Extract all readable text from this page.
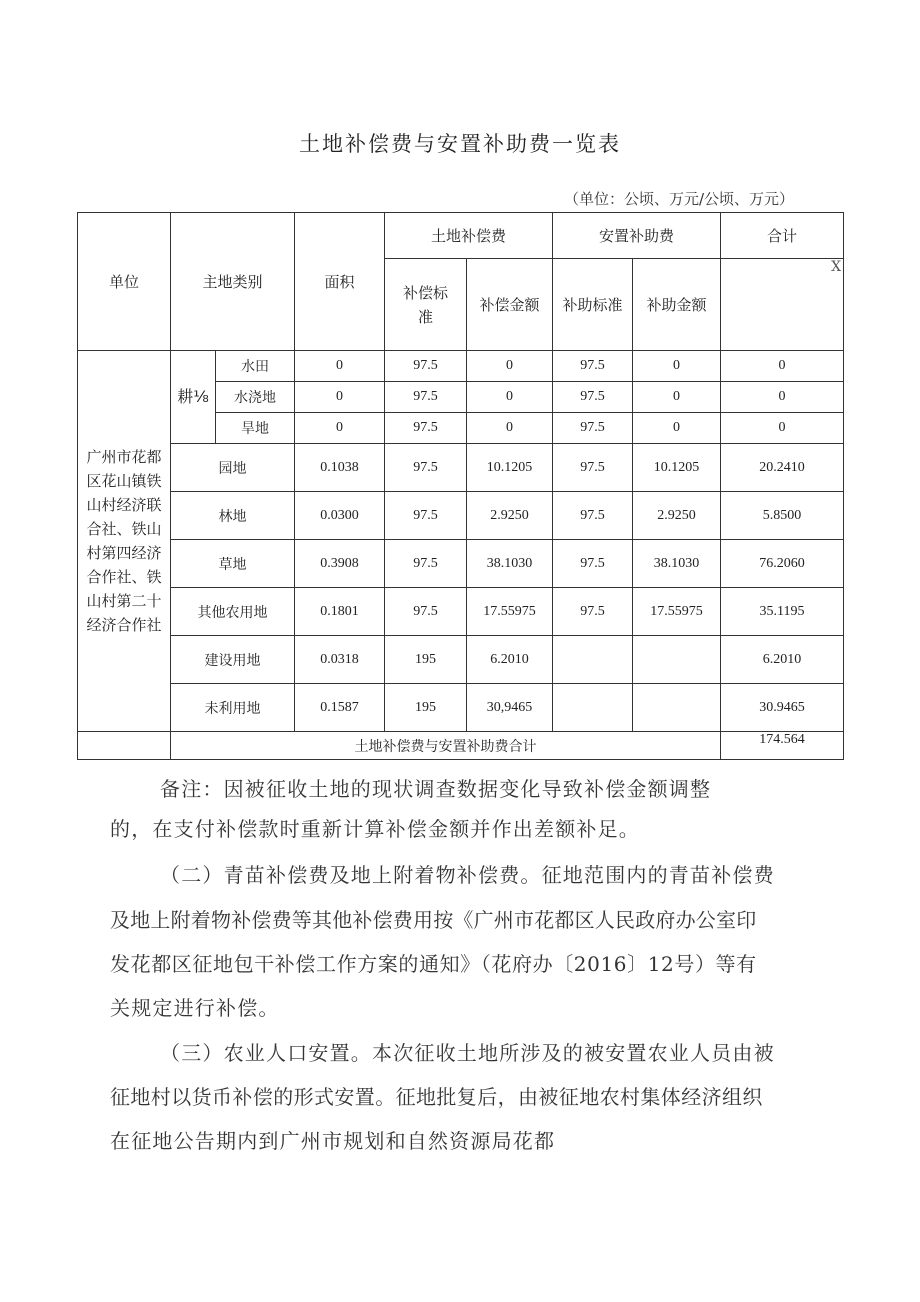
土地补偿费与安置补助费一览表
（单位：公顷、万元/公顷、万元）
单位	主地类别		面积	土地补偿费		安置补助费		合计
				补偿标准	补偿金额	补助标准	补助金额	X

广州市花都区花山镇铁山村经济联合社、铁山村第四经济合作社、铁山村第二十经济合作社	耕⅛	水田	0	97.5	0	97.5	0	0
		水浇地	0	97.5	0	97.5	0	0
		旱地	0	97.5	0	97.5	0	0
	园地		0.1038	97.5	10.1205	97.5	10.1205	20.2410
	林地		0.0300	97.5	2.9250	97.5	2.9250	5.8500
	草地		0.3908	97.5	38.1030	97.5	38.1030	76.2060
	其他农用地		0.1801	97.5	17.55975	97.5	17.55975	35.1195
	建设用地		0.0318	195	6.2010			6.2010
	未利用地		0.1587	195	30,9465			30.9465
	土地补偿费与安置补助费合计							174.564
备注：因被征收土地的现状调查数据变化导致补偿金额调整
的，在支付补偿款时重新计算补偿金额并作出差额补足。
（二）青苗补偿费及地上附着物补偿费。征地范围内的青苗补偿费
及地上附着物补偿费等其他补偿费用按《广州市花都区人民政府办公室印
发花都区征地包干补偿工作方案的通知》（花府办〔2016〕12号）等有
关规定进行补偿。
（三）农业人口安置。本次征收土地所涉及的被安置农业人员由被
征地村以货币补偿的形式安置。征地批复后，由被征地农村集体经济组织
在征地公告期内到广州市规划和自然资源局花都
